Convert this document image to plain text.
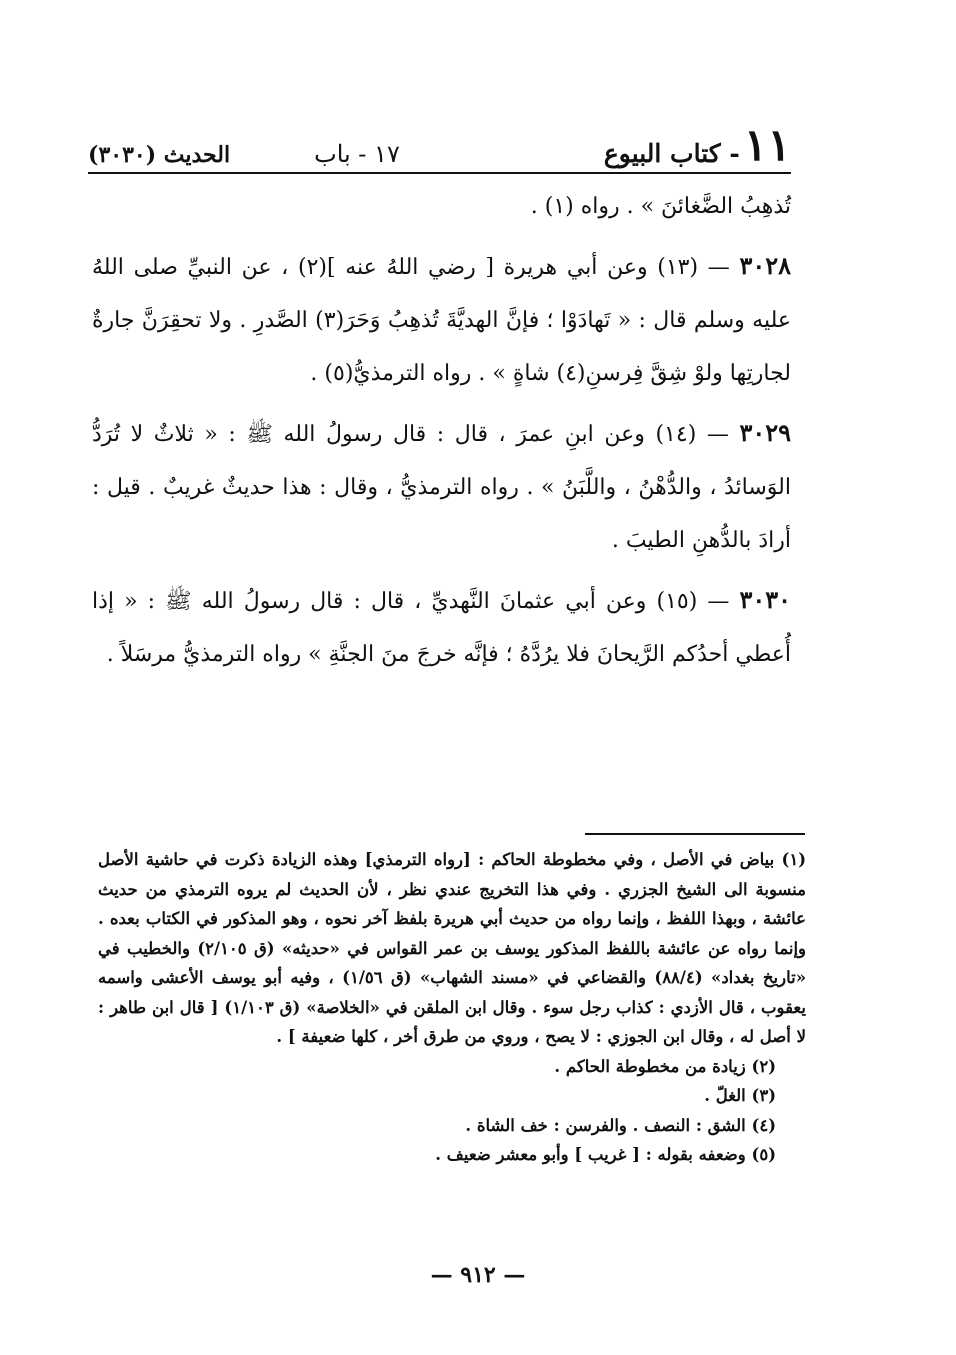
١١
- كتاب البيوع
١٧ - باب
الحديث (٣٠٣٠)

تُذهِبُ الضَّغائنَ » . رواه (١) .

٣٠٢٨ — (١٣) وعن أبي هريرة [ رضي اللهُ عنه ](٢) ، عن النبيِّ صلى اللهُ عليه وسلم قال : « تَهادَوْا ؛ فإنَّ الهديَّةَ تُذهِبُ وَحَرَ(٣) الصَّدرِ . ولا تحقِرَنَّ جارةٌ لجارتِها ولوْ شِقَّ فِرسنِ(٤) شاةٍ » . رواه الترمذيُّ(٥) .

٣٠٢٩ — (١٤) وعن ابنِ عمرَ ، قال : قال رسولُ الله ﷺ : « ثلاثٌ لا تُرَدُّ الوَسائدُ ، والدُّهْنُ ، واللَّبَنُ » . رواه الترمذيُّ ، وقال : هذا حديثٌ غريبٌ . قيل : أرادَ بالدُّهنِ الطيبَ .

٣٠٣٠ — (١٥) وعن أبي عثمانَ النَّهديِّ ، قال : قال رسولُ الله ﷺ : « إذا أُعطي أحدُكم الرَّيحانَ فلا يرُدَّهُ ؛ فإنَّه خرجَ منَ الجنَّةِ » رواه الترمذيُّ مرسَلاً .

(١) بياض في الأصل ، وفي مخطوطة الحاكم : [رواه الترمذي] وهذه الزيادة ذكرت في حاشية الأصل منسوبة الى الشيخ الجزري . وفي هذا التخريج عندي نظر ، لأن الحديث لم يروه الترمذي من حديث عائشة ، وبهذا اللفظ ، وإنما رواه من حديث أبي هريرة بلفظ آخر نحوه ، وهو المذكور في الكتاب بعده . وإنما رواه عن عائشة باللفظ المذكور يوسف بن عمر القواس في «حديثه» (ق ٢/١٠٥) والخطيب في «تاريخ بغداد» (٨٨/٤) والقضاعي في «مسند الشهاب» (ق ١/٥٦) ، وفيه أبو يوسف الأعشى واسمه يعقوب ، قال الأزدي : كذاب رجل سوء . وقال ابن الملقن في «الخلاصة» (ق ١/١٠٣) [ قال ابن طاهر : لا أصل له ، وقال ابن الجوزي : لا يصح ، وروي من طرق أخر ، كلها ضعيفة ] .

(٢) زيادة من مخطوطة الحاكم .

(٣) الغلّ .

(٤) الشق : النصف . والفرسن : خف الشاة .

(٥) وضعفه بقوله : [ غريب ] وأبو معشر ضعيف .

— ٩١٢ —
